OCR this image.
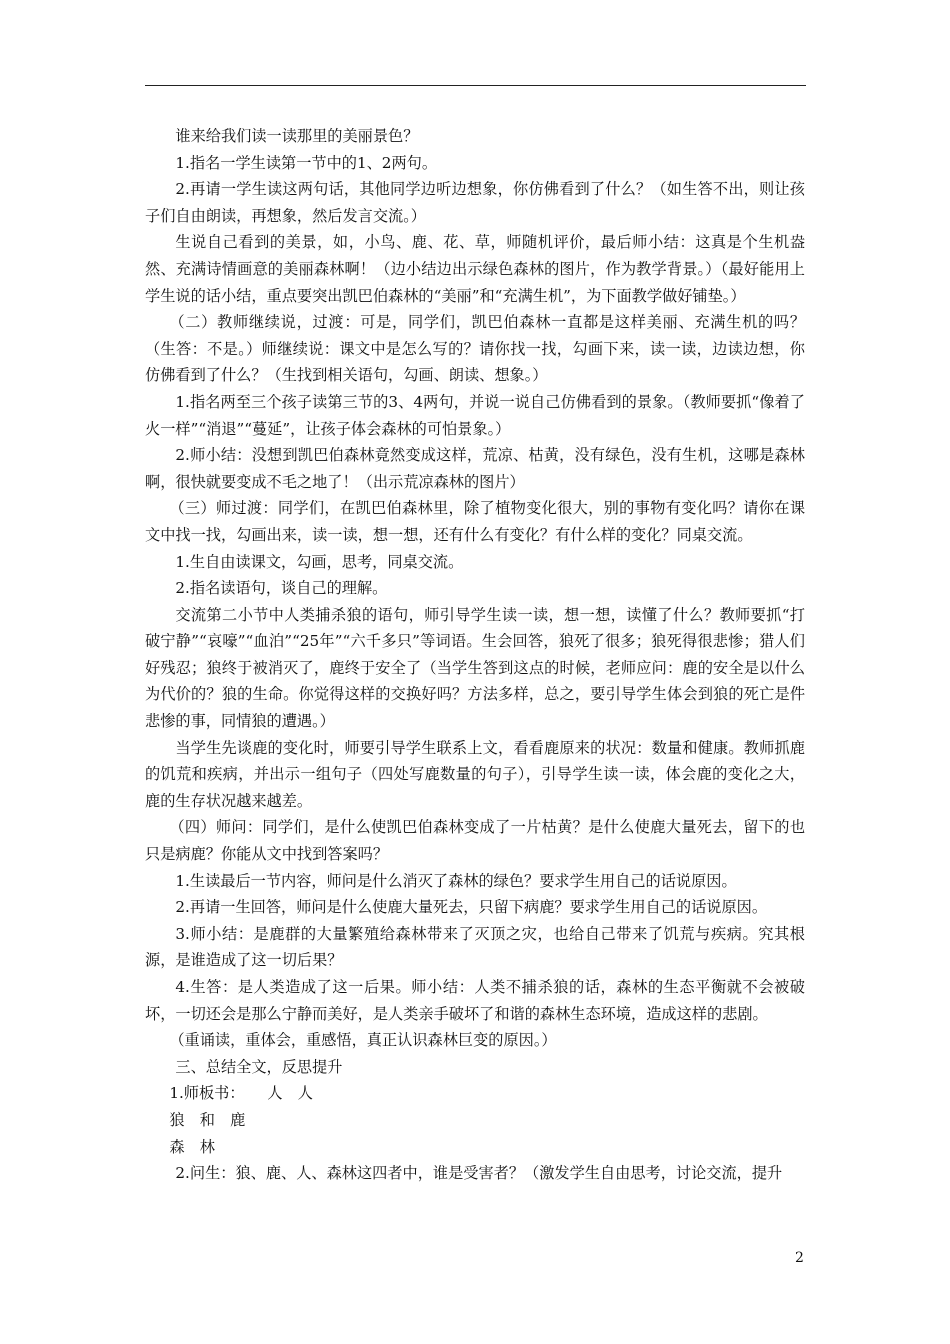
谁来给我们读一读那里的美丽景色？

1.指名一学生读第一节中的1、2两句。

2.再请一学生读这两句话，其他同学边听边想象，你仿佛看到了什么？（如生答不出，则让孩子们自由朗读，再想象，然后发言交流。）

生说自己看到的美景，如，小鸟、鹿、花、草，师随机评价，最后师小结：这真是个生机盎然、充满诗情画意的美丽森林啊！（边小结边出示绿色森林的图片，作为教学背景。）（最好能用上学生说的话小结，重点要突出凯巴伯森林的“美丽”和“充满生机”，为下面教学做好铺垫。）

（二）教师继续说，过渡：可是，同学们，凯巴伯森林一直都是这样美丽、充满生机的吗？（生答：不是。）师继续说：课文中是怎么写的？请你找一找，勾画下来，读一读，边读边想，你仿佛看到了什么？（生找到相关语句，勾画、朗读、想象。）

1.指名两至三个孩子读第三节的3、4两句，并说一说自己仿佛看到的景象。（教师要抓“像着了火一样”“消退”“蔓延”，让孩子体会森林的可怕景象。）

2.师小结：没想到凯巴伯森林竟然变成这样，荒凉、枯黄，没有绿色，没有生机，这哪是森林啊，很快就要变成不毛之地了！（出示荒凉森林的图片）

（三）师过渡：同学们，在凯巴伯森林里，除了植物变化很大，别的事物有变化吗？请你在课文中找一找，勾画出来，读一读，想一想，还有什么有变化？有什么样的变化？同桌交流。

1.生自由读课文，勾画，思考，同桌交流。

2.指名读语句，谈自己的理解。

交流第二小节中人类捕杀狼的语句，师引导学生读一读，想一想，读懂了什么？教师要抓“打破宁静”“哀嚎”“血泊”“25年”“六千多只”等词语。生会回答，狼死了很多；狼死得很悲惨；猎人们好残忍；狼终于被消灭了，鹿终于安全了（当学生答到这点的时候，老师应问：鹿的安全是以什么为代价的？狼的生命。你觉得这样的交换好吗？方法多样，总之，要引导学生体会到狼的死亡是件悲惨的事，同情狼的遭遇。）

当学生先谈鹿的变化时，师要引导学生联系上文，看看鹿原来的状况：数量和健康。教师抓鹿的饥荒和疾病，并出示一组句子（四处写鹿数量的句子），引导学生读一读，体会鹿的变化之大，鹿的生存状况越来越差。

（四）师问：同学们，是什么使凯巴伯森林变成了一片枯黄？是什么使鹿大量死去，留下的也只是病鹿？你能从文中找到答案吗？

1.生读最后一节内容，师问是什么消灭了森林的绿色？要求学生用自己的话说原因。

2.再请一生回答，师问是什么使鹿大量死去，只留下病鹿？要求学生用自己的话说原因。

3.师小结：是鹿群的大量繁殖给森林带来了灭顶之灾，也给自己带来了饥荒与疾病。究其根源，是谁造成了这一切后果？

4.生答：是人类造成了这一后果。师小结：人类不捕杀狼的话，森林的生态平衡就不会被破坏，一切还会是那么宁静而美好，是人类亲手破坏了和谐的森林生态环境，造成这样的悲剧。

（重诵读，重体会，重感悟，真正认识森林巨变的原因。）

三、总结全文，反思提升

1.师板书：　　人　人

狼　和　鹿

森　林

2.问生：狼、鹿、人、森林这四者中，谁是受害者？（激发学生自由思考，讨论交流，提升

2
